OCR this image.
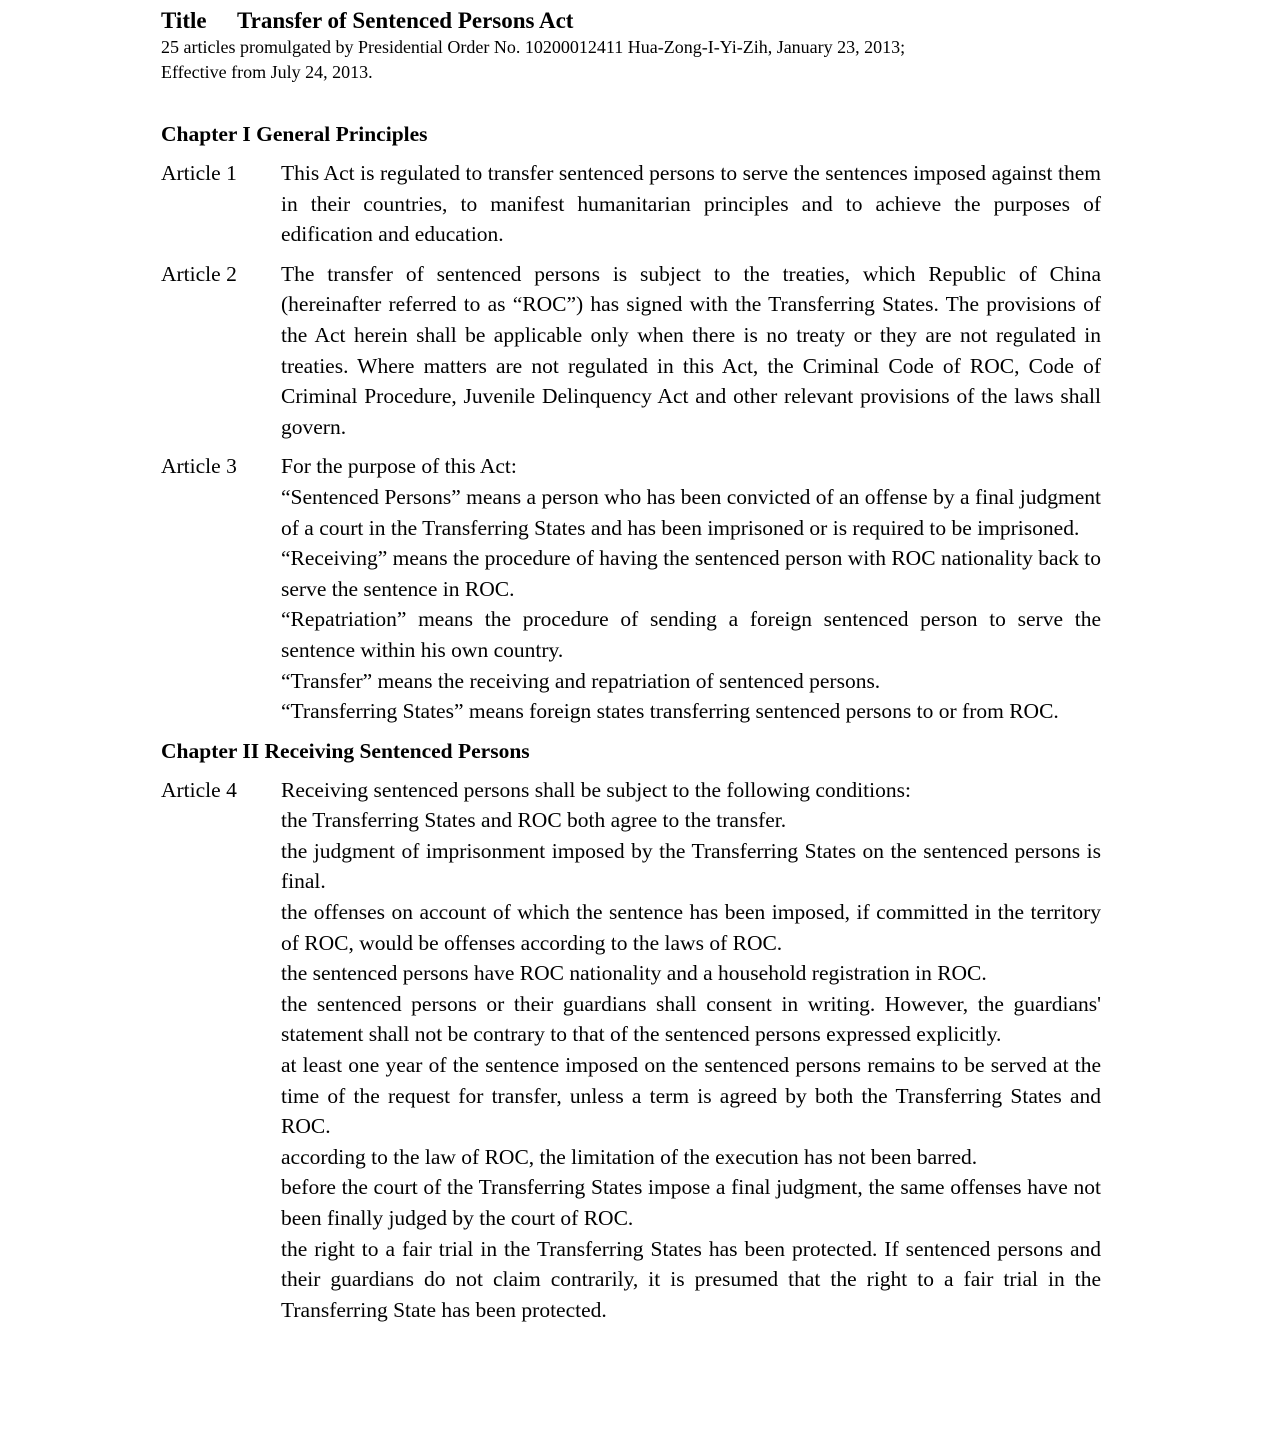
Title Transfer of Sentenced Persons Act
25 articles promulgated by Presidential Order No. 10200012411 Hua-Zong-I-Yi-Zih, January 23, 2013;
Effective from July 24, 2013.
Chapter I General Principles
Article 1	This Act is regulated to transfer sentenced persons to serve the sentences imposed against them in their countries, to manifest humanitarian principles and to achieve the purposes of edification and education.

Article 2	The transfer of sentenced persons is subject to the treaties, which Republic of China (hereinafter referred to as “ROC”) has signed with the Transferring States. The provisions of the Act herein shall be applicable only when there is no treaty or they are not regulated in treaties. Where matters are not regulated in this Act, the Criminal Code of ROC, Code of Criminal Procedure, Juvenile Delinquency Act and other relevant provisions of the laws shall govern.

Article 3	For the purpose of this Act:

“Sentenced Persons” means a person who has been convicted of an offense by a final judgment of a court in the Transferring States and has been imprisoned or is required to be imprisoned.

“Receiving” means the procedure of having the sentenced person with ROC nationality back to serve the sentence in ROC.

“Repatriation” means the procedure of sending a foreign sentenced person to serve the sentence within his own country.

“Transfer” means the receiving and repatriation of sentenced persons.

“Transferring States” means foreign states transferring sentenced persons to or from ROC.

Chapter II Receiving Sentenced Persons
Article 4	Receiving sentenced persons shall be subject to the following conditions:

the Transferring States and ROC both agree to the transfer.

the judgment of imprisonment imposed by the Transferring States on the sentenced persons is final.

the offenses on account of which the sentence has been imposed, if committed in the territory of ROC, would be offenses according to the laws of ROC.

the sentenced persons have ROC nationality and a household registration in ROC.

the sentenced persons or their guardians shall consent in writing. However, the guardians' statement shall not be contrary to that of the sentenced persons expressed explicitly.

at least one year of the sentence imposed on the sentenced persons remains to be served at the time of the request for transfer, unless a term is agreed by both the Transferring States and ROC.

according to the law of ROC, the limitation of the execution has not been barred.

before the court of the Transferring States impose a final judgment, the same offenses have not been finally judged by the court of ROC.

the right to a fair trial in the Transferring States has been protected. If sentenced persons and their guardians do not claim contrarily, it is presumed that the right to a fair trial in the Transferring State has been protected.
